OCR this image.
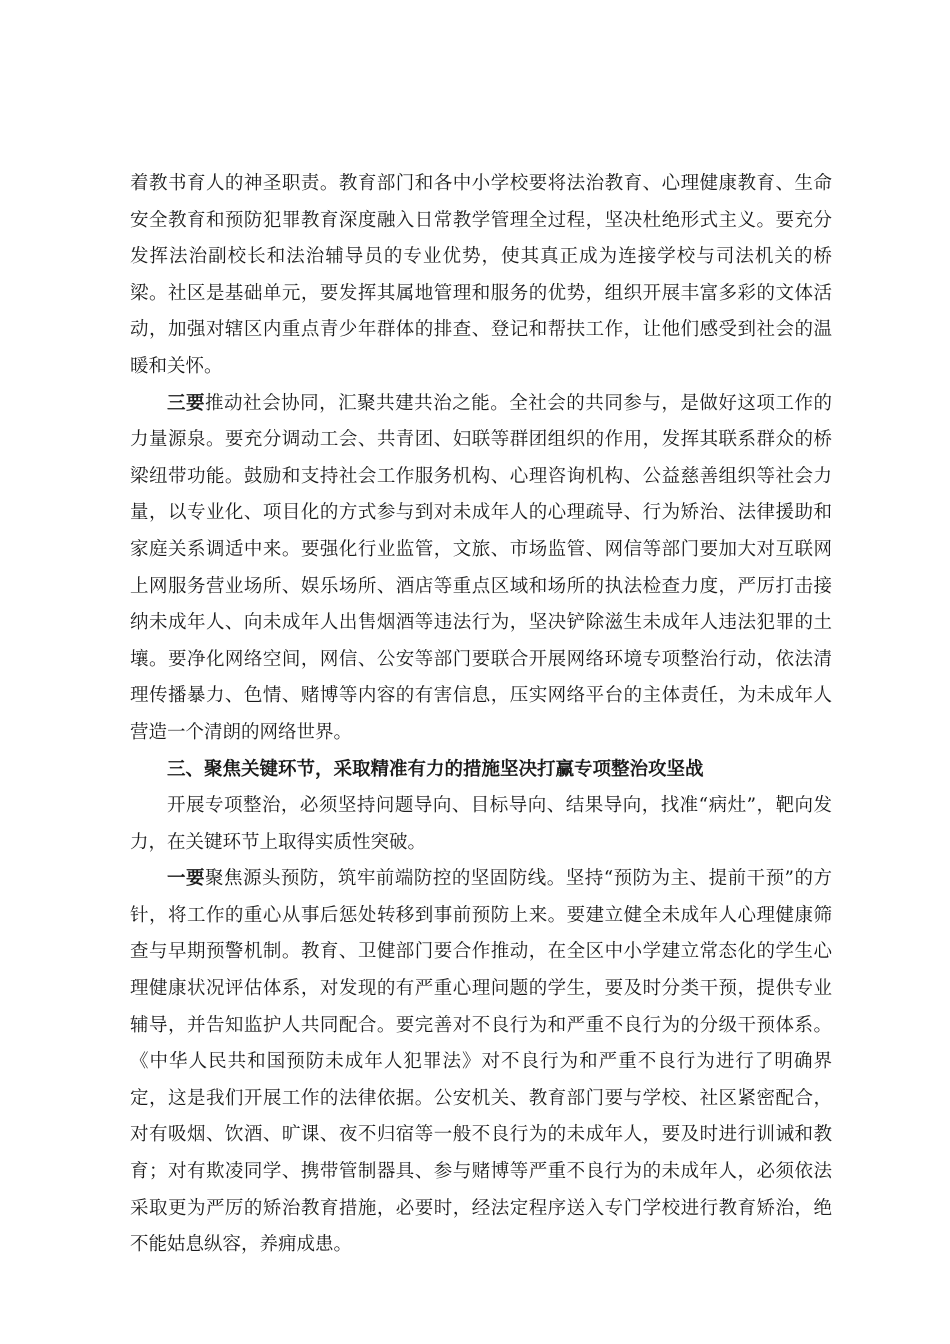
着教书育人的神圣职责。教育部门和各中小学校要将法治教育、心理健康教育、生命安全教育和预防犯罪教育深度融入日常教学管理全过程，坚决杜绝形式主义。要充分发挥法治副校长和法治辅导员的专业优势，使其真正成为连接学校与司法机关的桥梁。社区是基础单元，要发挥其属地管理和服务的优势，组织开展丰富多彩的文体活动，加强对辖区内重点青少年群体的排查、登记和帮扶工作，让他们感受到社会的温暖和关怀。

三要推动社会协同，汇聚共建共治之能。全社会的共同参与，是做好这项工作的力量源泉。要充分调动工会、共青团、妇联等群团组织的作用，发挥其联系群众的桥梁纽带功能。鼓励和支持社会工作服务机构、心理咨询机构、公益慈善组织等社会力量，以专业化、项目化的方式参与到对未成年人的心理疏导、行为矫治、法律援助和家庭关系调适中来。要强化行业监管，文旅、市场监管、网信等部门要加大对互联网上网服务营业场所、娱乐场所、酒店等重点区域和场所的执法检查力度，严厉打击接纳未成年人、向未成年人出售烟酒等违法行为，坚决铲除滋生未成年人违法犯罪的土壤。要净化网络空间，网信、公安等部门要联合开展网络环境专项整治行动，依法清理传播暴力、色情、赌博等内容的有害信息，压实网络平台的主体责任，为未成年人营造一个清朗的网络世界。

三、聚焦关键环节，采取精准有力的措施坚决打赢专项整治攻坚战

开展专项整治，必须坚持问题导向、目标导向、结果导向，找准“病灶”，靶向发力，在关键环节上取得实质性突破。

一要聚焦源头预防，筑牢前端防控的坚固防线。坚持“预防为主、提前干预”的方针，将工作的重心从事后惩处转移到事前预防上来。要建立健全未成年人心理健康筛查与早期预警机制。教育、卫健部门要合作推动，在全区中小学建立常态化的学生心理健康状况评估体系，对发现的有严重心理问题的学生，要及时分类干预，提供专业辅导，并告知监护人共同配合。要完善对不良行为和严重不良行为的分级干预体系。《中华人民共和国预防未成年人犯罪法》对不良行为和严重不良行为进行了明确界定，这是我们开展工作的法律依据。公安机关、教育部门要与学校、社区紧密配合，对有吸烟、饮酒、旷课、夜不归宿等一般不良行为的未成年人，要及时进行训诫和教育；对有欺凌同学、携带管制器具、参与赌博等严重不良行为的未成年人，必须依法采取更为严厉的矫治教育措施，必要时，经法定程序送入专门学校进行教育矫治，绝不能姑息纵容，养痈成患。
